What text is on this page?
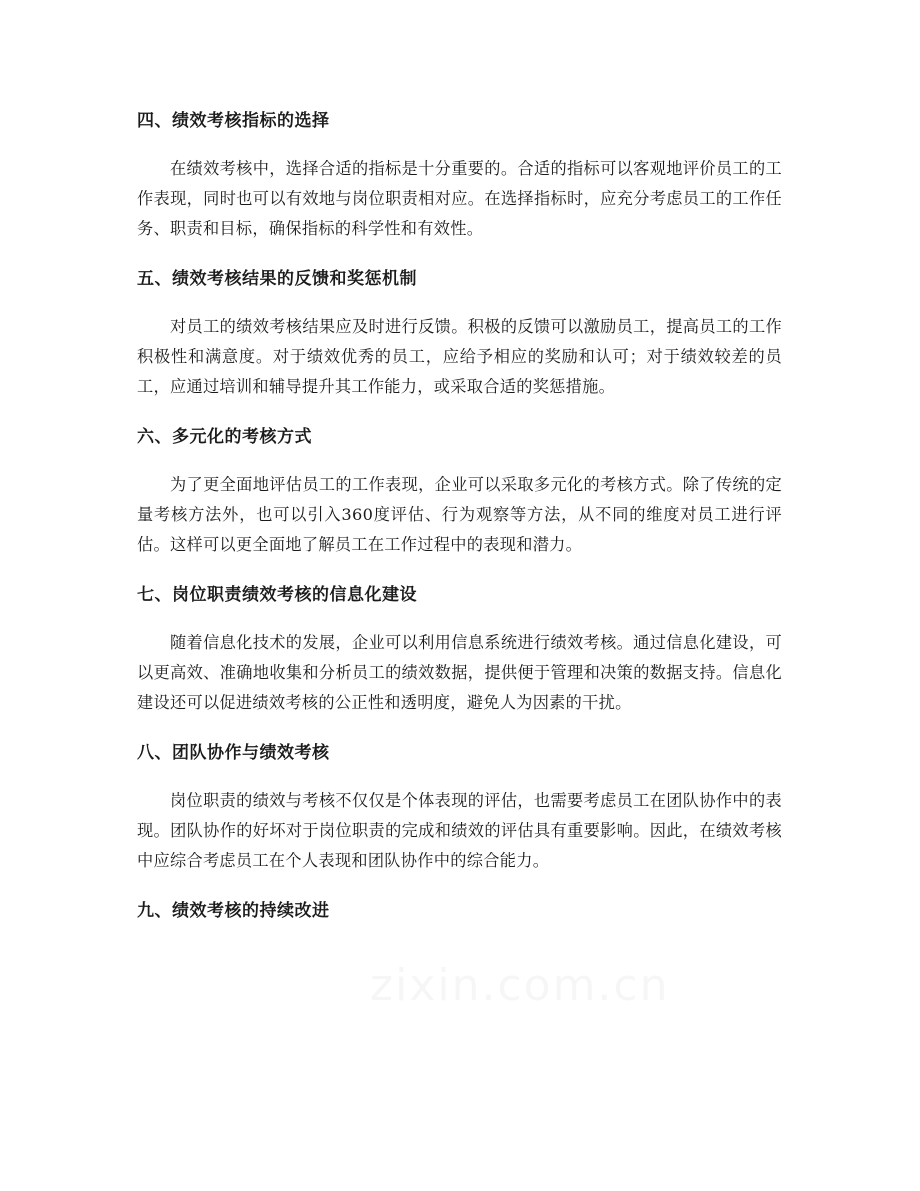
四、绩效考核指标的选择

在绩效考核中，选择合适的指标是十分重要的。合适的指标可以客观地评价员工的工作表现，同时也可以有效地与岗位职责相对应。在选择指标时，应充分考虑员工的工作任务、职责和目标，确保指标的科学性和有效性。

五、绩效考核结果的反馈和奖惩机制

对员工的绩效考核结果应及时进行反馈。积极的反馈可以激励员工，提高员工的工作积极性和满意度。对于绩效优秀的员工，应给予相应的奖励和认可；对于绩效较差的员工，应通过培训和辅导提升其工作能力，或采取合适的奖惩措施。

六、多元化的考核方式

为了更全面地评估员工的工作表现，企业可以采取多元化的考核方式。除了传统的定量考核方法外，也可以引入360度评估、行为观察等方法，从不同的维度对员工进行评估。这样可以更全面地了解员工在工作过程中的表现和潜力。

七、岗位职责绩效考核的信息化建设

随着信息化技术的发展，企业可以利用信息系统进行绩效考核。通过信息化建设，可以更高效、准确地收集和分析员工的绩效数据，提供便于管理和决策的数据支持。信息化建设还可以促进绩效考核的公正性和透明度，避免人为因素的干扰。

八、团队协作与绩效考核

岗位职责的绩效与考核不仅仅是个体表现的评估，也需要考虑员工在团队协作中的表现。团队协作的好坏对于岗位职责的完成和绩效的评估具有重要影响。因此，在绩效考核中应综合考虑员工在个人表现和团队协作中的综合能力。

九、绩效考核的持续改进
